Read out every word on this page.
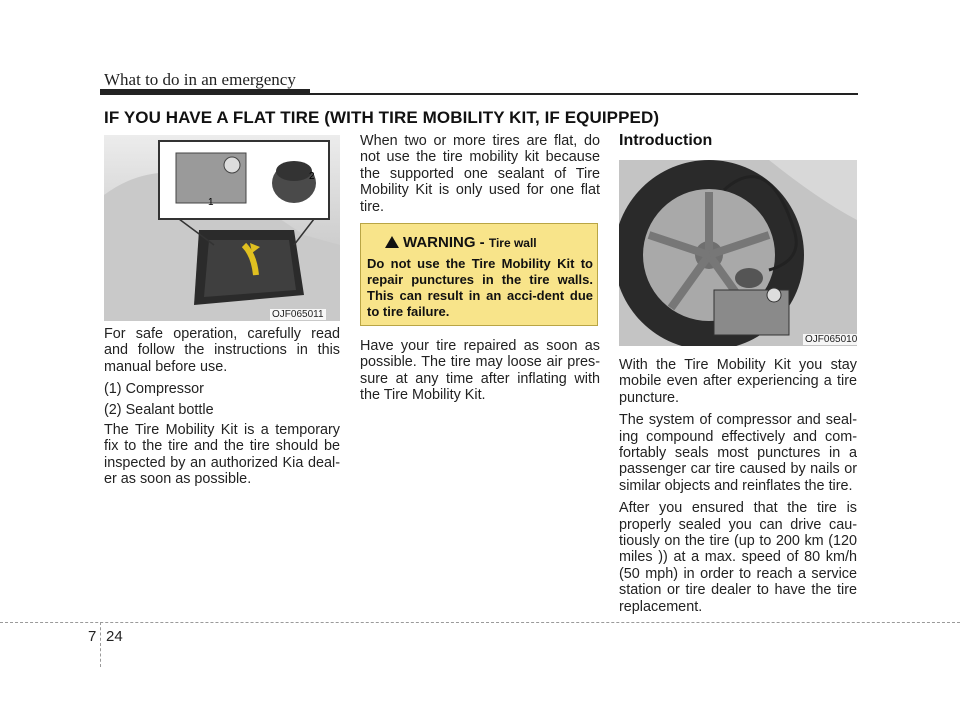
What to do in an emergency
IF YOU HAVE A FLAT TIRE (WITH TIRE MOBILITY KIT, IF EQUIPPED)
1
2
OJF065011

For safe operation, carefully read and follow the instructions in this manual before use.

(1) Compressor
(2) Sealant bottle

The Tire Mobility Kit is a temporary fix to the tire and the tire should be inspected by an authorized Kia deal-er as soon as possible.

When two or more tires are flat, do not use the tire mobility kit because the supported one sealant of Tire Mobility Kit is only used for one flat tire.

WARNING - Tire wall
Do not use the Tire Mobility Kit to repair punctures in the tire walls. This can result in an acci-dent due to tire failure.

Have your tire repaired as soon as possible. The tire may loose air pres-sure at any time after inflating with the Tire Mobility Kit.

Introduction
OJF065010

With the Tire Mobility Kit you stay mobile even after experiencing a tire puncture.

The system of compressor and seal-ing compound effectively and com-fortably seals most punctures in a passenger car tire caused by nails or similar objects and reinflates the tire.

After you ensured that the tire is properly sealed you can drive cau-tiously on the tire (up to 200 km (120 miles )) at a max. speed of 80 km/h (50 mph) in order to reach a service station or tire dealer to have the tire replacement.

7 24
